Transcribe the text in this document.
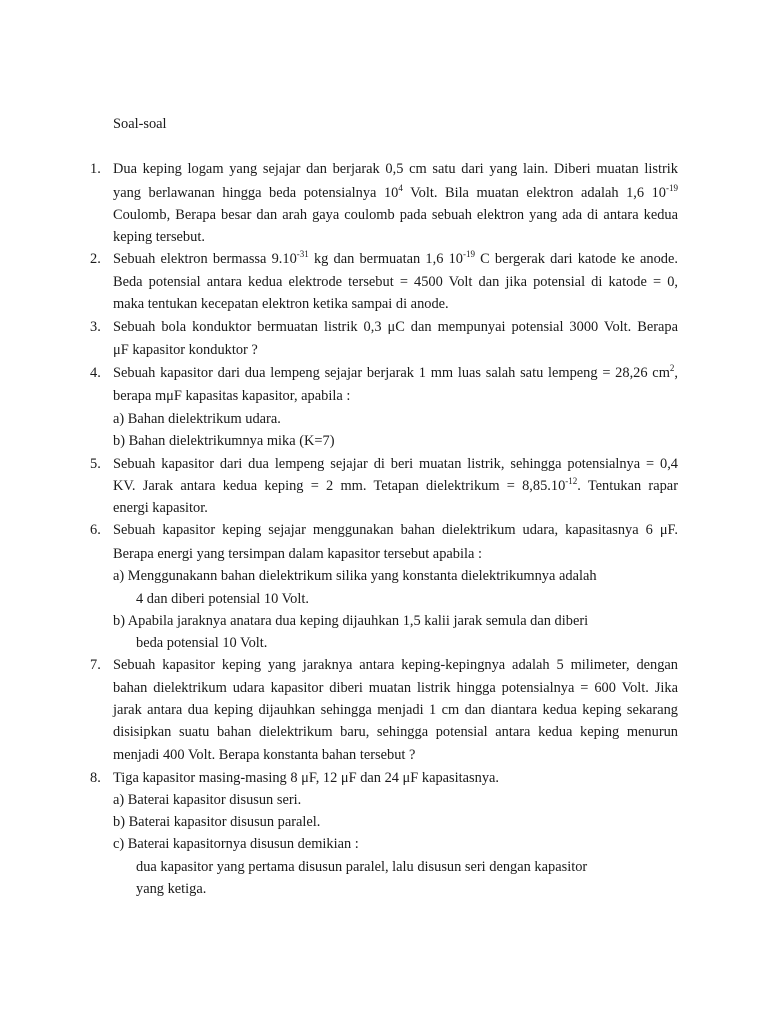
Soal-soal
1. Dua keping logam yang sejajar dan berjarak 0,5 cm satu dari yang lain. Diberi muatan listrik
yang berlawanan hingga beda potensialnya $10^4$ Volt. Bila muatan elektron adalah 1,6 $10^{-19}$
Coulomb, Berapa besar dan arah gaya coulomb pada sebuah elektron yang ada di antara kedua
keping tersebut.
2. Sebuah elektron bermassa $9.10^{-31}$ kg dan bermuatan 1,6 $10^{-19}$ C bergerak dari katode ke anode.
Beda potensial antara kedua elektrode tersebut = 4500 Volt dan jika potensial di katode = 0,
maka tentukan kecepatan elektron ketika sampai di anode.
3. Sebuah bola konduktor bermuatan listrik 0,3 μC dan mempunyai potensial 3000 Volt. Berapa
μF kapasitor konduktor ?
4. Sebuah kapasitor dari dua lempeng sejajar berjarak 1 mm luas salah satu lempeng = 28,26 $cm^2$,
berapa mμF kapasitas kapasitor, apabila :
a) Bahan dielektrikum udara.
b) Bahan dielektrikumnya mika (K=7)
5. Sebuah kapasitor dari dua lempeng sejajar di beri muatan listrik, sehingga potensialnya = 0,4
KV. Jarak antara kedua keping = 2 mm. Tetapan dielektrikum = $8,85.10^{-12}$. Tentukan rapar
energi kapasitor.
6. Sebuah kapasitor keping sejajar menggunakan bahan dielektrikum udara, kapasitasnya 6 μF.
Berapa energi yang tersimpan dalam kapasitor tersebut apabila :
a) Menggunakann bahan dielektrikum silika yang konstanta dielektrikumnya adalah
4 dan diberi potensial 10 Volt.
b) Apabila jaraknya anatara dua keping dijauhkan 1,5 kalii jarak semula dan diberi
beda potensial 10 Volt.
7. Sebuah kapasitor keping yang jaraknya antara keping-kepingnya adalah 5 milimeter, dengan
bahan dielektrikum udara kapasitor diberi muatan listrik hingga potensialnya = 600 Volt. Jika
jarak antara dua keping dijauhkan sehingga menjadi 1 cm dan diantara kedua keping sekarang
disisipkan suatu bahan dielektrikum baru, sehingga potensial antara kedua keping menurun
menjadi 400 Volt. Berapa konstanta bahan tersebut ?
8. Tiga kapasitor masing-masing 8 μF, 12 μF dan 24 μF kapasitasnya.
a) Baterai kapasitor disusun seri.
b) Baterai kapasitor disusun paralel.
c) Baterai kapasitornya disusun demikian :
dua kapasitor yang pertama disusun paralel, lalu disusun seri dengan kapasitor
yang ketiga.
